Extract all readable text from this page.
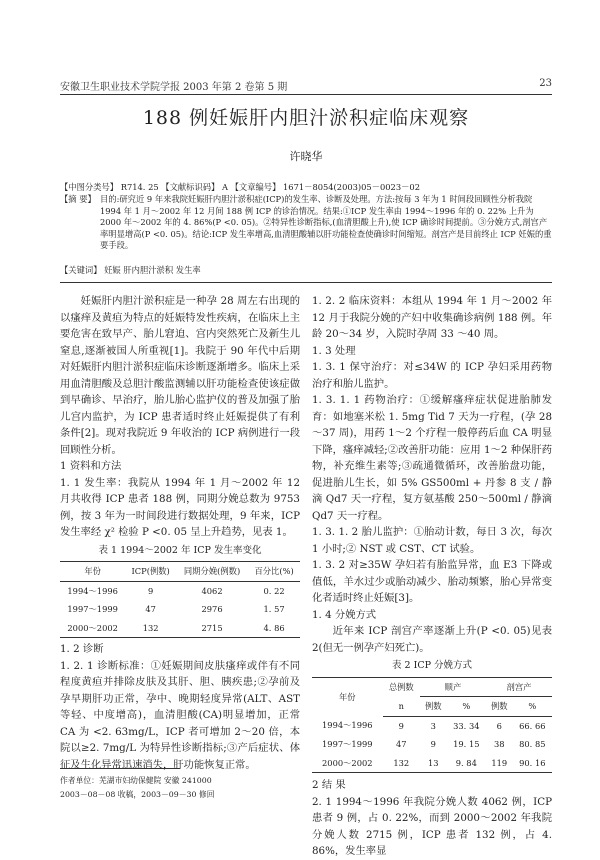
安徽卫生职业技术学院学报 2003 年第 2 卷第 5 期	23
188 例妊娠肝内胆汁淤积症临床观察
许晓华
【中图分类号】 R714. 25 【文献标识码】 A 【文章编号】 1671－8054(2003)05－0023－02
【摘 要】 目的:研究近 9 年来我院妊娠肝内胆汁淤积症(ICP)的发生率、诊断及处理。方法:按每 3 年为 1 时间段回顾性分析我院 1994 年 1 月～2002 年 12 月间 188 例 ICP 的诊治情况。结果:①ICP 发生率由 1994～1996 年的 0. 22% 上升为 2000 年～2002 年的 4. 86%(P <0. 05)。②特异性诊断指标,(血清胆酸上升),使 ICP 确诊时间提前。③分娩方式,剖宫产率明显增高(P <0. 05)。结论:ICP 发生率增高,血清胆酸辅以肝功能检查使确诊时间缩短。剖宫产是目前终止 ICP 妊娠的重要手段。
【关键词】 妊娠 肝内胆汁淤积 发生率

妊娠肝内胆汁淤积症是一种孕 28 周左右出现的以瘙痒及黄疸为特点的妊娠特发性疾病，在临床上主要危害在致早产、胎儿窘迫、宫内突然死亡及新生儿窒息,逐渐被国人所重视[1]。我院于 90 年代中后期对妊娠肝内胆汁淤积症临床诊断逐渐增多。临床上采用血清胆酸及总胆汁酸监测辅以肝功能检查使该症做到早确诊、早治疗，胎儿胎心监护仪的普及加强了胎儿宫内监护，为 ICP 患者适时终止妊娠提供了有利条件[2]。现对我院近 9 年收治的 ICP 病例进行一段回顾性分析。

1 资料和方法

1. 1 发生率：我院从 1994 年 1 月～2002 年 12 月共收得 ICP 患者 188 例，同期分娩总数为 9753 例，按 3 年为一时间段进行数据处理，9 年来，ICP 发生率经 χ² 检验 P <0. 05 呈上升趋势，见表 1。

表 1 1994～2002 年 ICP 发生率变化
年份	ICP(例数)	同期分娩(例数)	百分比(%)
1994～1996	9	4062	0. 22
1997～1999	47	2976	1. 57
2000～2002	132	2715	4. 86

1. 2 诊断

1. 2. 1 诊断标准：①妊娠期间皮肤瘙痒或伴有不同程度黄疸并排除皮肤及其肝、胆、胰疾患;②孕前及孕早期肝功正常，孕中、晚期轻度异常(ALT、AST 等轻、中度增高)，血清胆酸(CA)明显增加，正常 CA 为 <2. 63mg/L，ICP 者可增加 2～20 倍，本院以≥2. 7mg/L 为特异性诊断指标;③产后症状、体征及生化异常迅速消失，肝功能恢复正常。

作者单位：芜湖市妇幼保健院 安徽 241000
2003－08－08 收稿，2003－09－30 修回

1. 2. 2 临床资料：本组从 1994 年 1 月～2002 年 12 月于我院分娩的产妇中收集确诊病例 188 例。年龄 20～34 岁，入院时孕周 33 ～40 周。

1. 3 处理

1. 3. 1 保守治疗：对≤34W 的 ICP 孕妇采用药物治疗和胎儿监护。

1. 3. 1. 1 药物治疗：①缓解瘙痒症状促进胎肺发育：如地塞米松 1. 5mg Tid 7 天为一疗程，(孕 28～37 周)，用药 1～2 个疗程一般停药后血 CA 明显下降，瘙痒减轻;②改善肝功能：应用 1～2 种保肝药物，补充维生素等;③疏通微循环，改善胎盘功能，促进胎儿生长，如 5% GS500ml + 丹参 8 支 / 静滴 Qd7 天一疗程，复方氨基酸 250～500ml / 静滴 Qd7 天一疗程。

1. 3. 1. 2 胎儿监护：①胎动计数，每日 3 次，每次 1 小时;② NST 或 CST、CT 试验。

1. 3. 2 对≥35W 孕妇若有胎监异常，血 E3 下降或值低，羊水过少或胎动减少、胎动频繁，胎心异常变化者适时终止妊娠[3]。

1. 4 分娩方式

近年来 ICP 剖宫产率逐渐上升(P <0. 05)见表 2(但无一例孕产妇死亡)。

表 2 ICP 分娩方式
年份	总例数	顺产		剖宫产	
	n	例数	%	例数	%
1994～1996	9	3	33. 34	6	66. 66
1997～1999	47	9	19. 15	38	80. 85
2000～2002	132	13	9. 84	119	90. 16

2 结 果

2. 1 1994～1996 年我院分娩人数 4062 例，ICP 患者 9 例，占 0. 22%，而到 2000～2002 年我院分娩人数 2715 例，ICP 患者 132 例，占 4. 86%，发生率显
